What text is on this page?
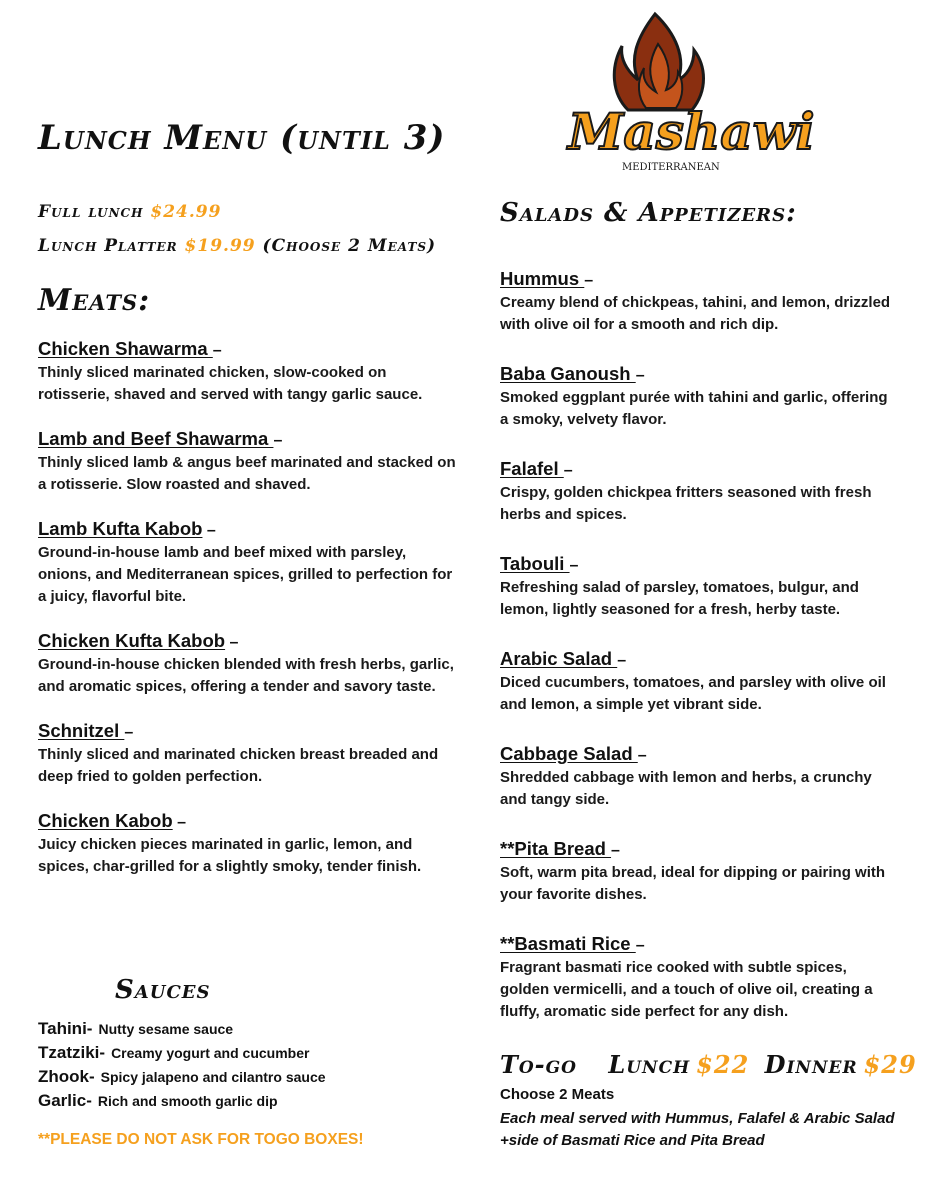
Mashawi
MEDITERRANEAN
Lunch Menu (until 3)
Full lunch $24.99
Lunch Platter $19.99 (Choose 2 Meats)
Meats:
Chicken Shawarma –
Thinly sliced marinated chicken, slow-cooked on rotisserie, shaved and served with tangy garlic sauce.
Lamb and Beef Shawarma –
Thinly sliced lamb & angus beef marinated and stacked on a rotisserie. Slow roasted and shaved.
Lamb Kufta Kabob –
Ground-in-house lamb and beef mixed with parsley, onions, and Mediterranean spices, grilled to perfection for a juicy, flavorful bite.
Chicken Kufta Kabob –
Ground-in-house chicken blended with fresh herbs, garlic, and aromatic spices, offering a tender and savory taste.
Schnitzel –
Thinly sliced and marinated chicken breast breaded and deep fried to golden perfection.
Chicken Kabob –
Juicy chicken pieces marinated in garlic, lemon, and spices, char-grilled for a slightly smoky, tender finish.
Sauces
Tahini- Nutty sesame sauce
Tzatziki- Creamy yogurt and cucumber
Zhook- Spicy jalapeno and cilantro sauce
Garlic- Rich and smooth garlic dip
**PLEASE DO NOT ASK FOR TOGO BOXES!
Salads & Appetizers:
Hummus –
Creamy blend of chickpeas, tahini, and lemon, drizzled with olive oil for a smooth and rich dip.
Baba Ganoush –
Smoked eggplant purée with tahini and garlic, offering a smoky, velvety flavor.
Falafel –
Crispy, golden chickpea fritters seasoned with fresh herbs and spices.
Tabouli –
Refreshing salad of parsley, tomatoes, bulgur, and lemon, lightly seasoned for a fresh, herby taste.
Arabic Salad –
Diced cucumbers, tomatoes, and parsley with olive oil and lemon, a simple yet vibrant side.
Cabbage Salad –
Shredded cabbage with lemon and herbs, a crunchy and tangy side.
**Pita Bread –
Soft, warm pita bread, ideal for dipping or pairing with your favorite dishes.
**Basmati Rice –
Fragrant basmati rice cooked with subtle spices, golden vermicelli, and a touch of olive oil, creating a fluffy, aromatic side perfect for any dish.
To-go Lunch $22 Dinner $29
Choose 2 Meats
Each meal served with Hummus, Falafel & Arabic Salad +side of Basmati Rice and Pita Bread
